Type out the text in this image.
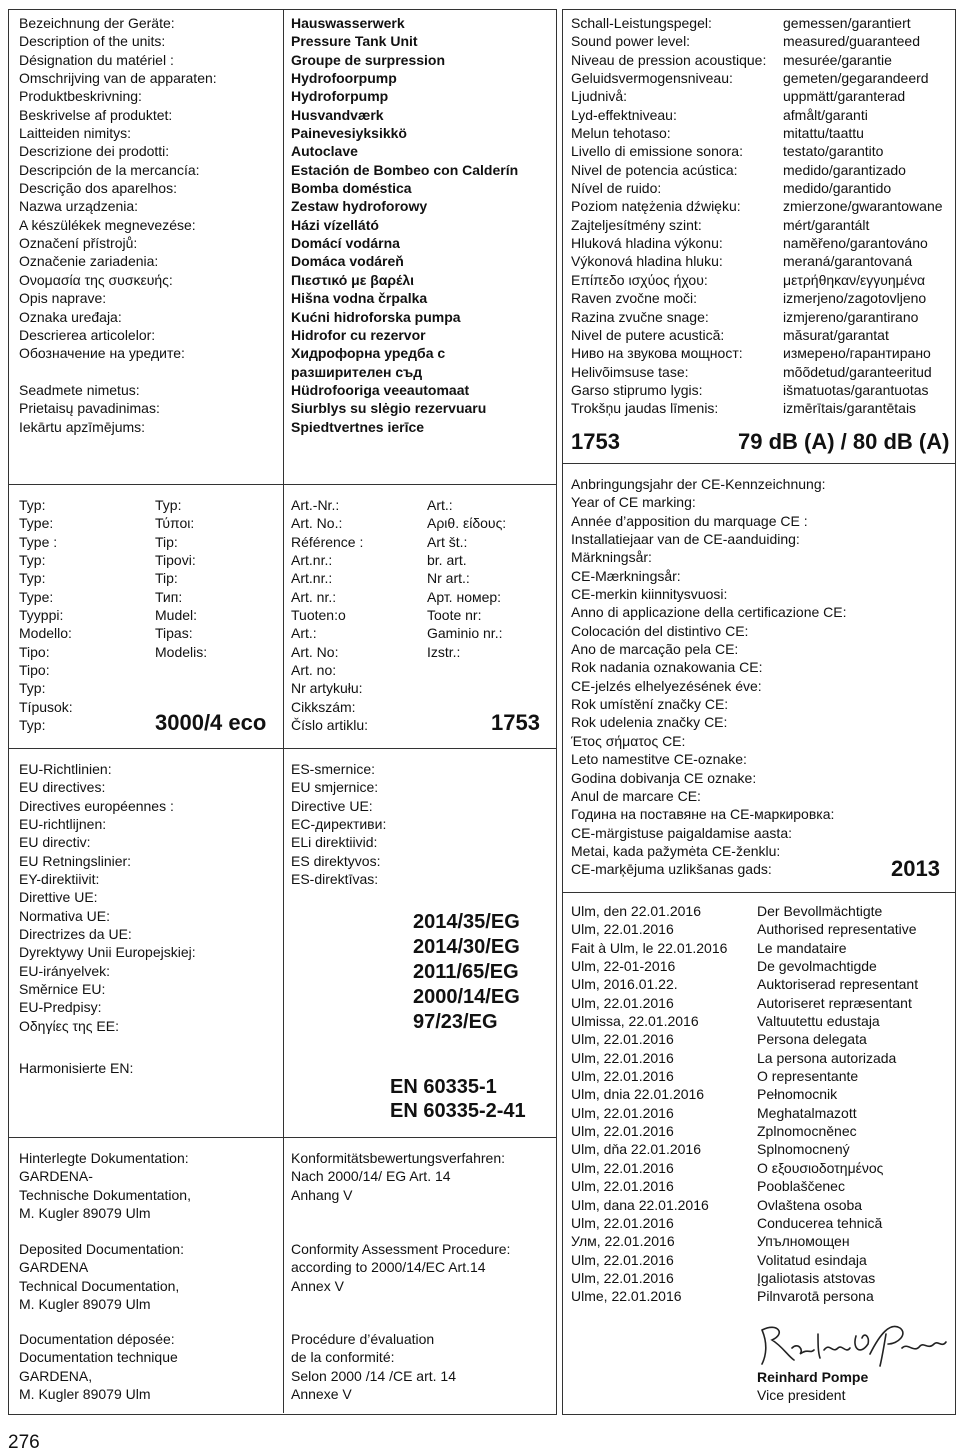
Bezeichnung der Geräte:
Description of the units:
Désignation du matériel :
Omschrijving van de apparaten:
Produktbeskrivning:
Beskrivelse af produktet:
Laitteiden nimitys:
Descrizione dei prodotti:
Descripción de la mercancía:
Descrição dos aparelhos:
Nazwa urządzenia:
A készülékek megnevezése:
Označení přístrojů:
Označenie zariadenia:
Ονομασία της συσκευής:
Opis naprave:
Oznaka uređaja:
Descrierea articolelor:
Обозначение на уредите:

Seadmete nimetus:
Prietaisų pavadinimas:
Iekārtu apzīmējums:
Hauswasserwerk
Pressure Tank Unit
Groupe de surpression
Hydrofoorpump
Hydroforpump
Husvandværk
Painevesiyksikkö
Autoclave
Estación de Bombeo con Calderín
Bomba doméstica
Zestaw hydroforowy
Házi vízellátó
Domácí vodárna
Domáca vodáreň
Πιεστικό με βαρέλι
Hišna vodna črpalka
Kućni hidroforska pumpa
Hidrofor cu rezervor
Хидрофорна уредба с
разширителен съд
Hüdrofooriga veeautomaat
Siurblys su slėgio rezervuaru
Spiedtvertnes ierīce
Typ:
Type:
Type :
Typ:
Typ:
Type:
Tyyppi:
Modello:
Tipo:
Tipo:
Typ:
Típusok:
Typ:
Typ:
Τύποι:
Tip:
Tipovi:
Tip:
Тип:
Mudel:
Tipas:
Modelis:
3000/4 eco
Art.-Nr.:
Art. No.:
Référence :
Art.nr.:
Art.nr.:
Art. nr.:
Tuoten:o
Art.:
Art. No:
Art. no:
Nr artykułu:
Cikkszám:
Číslo artiklu:
Art.:
Αριθ. είδους:
Art št.:
br. art.
Nr art.:
Арт. номер:
Toote nr:
Gaminio nr.:
Izstr.:
1753
EU-Richtlinien:
EU directives:
Directives européennes :
EU-richtlijnen:
EU directiv:
EU Retningslinier:
EY-direktiivit:
Direttive UE:
Normativa UE:
Directrizes da UE:
Dyrektywy Unii Europejskiej:
EU-irányelvek:
Směrnice EU:
EU-Predpisy:
Οδηγίες της ΕΕ:
ES-smernice:
EU smjernice:
Directive UE:
ЕС-директиви:
ELi direktiivid:
ES direktyvos:
ES-direktīvas:
2014/35/EG
2014/30/EG
2011/65/EG
2000/14/EG
97/23/EG
Harmonisierte EN:
EN 60335-1
EN 60335-2-41
Hinterlegte Dokumentation:
GARDENA-
Technische Dokumentation,
M. Kugler 89079 Ulm
Konformitätsbewertungsverfahren:
Nach 2000/14/ EG Art. 14
Anhang V
Deposited Documentation:
GARDENA
Technical Documentation,
M. Kugler 89079 Ulm
Conformity Assessment Procedure:
according to 2000/14/EC Art.14
Annex V
Documentation déposée:
Documentation technique
GARDENA,
M. Kugler 89079 Ulm
Procédure d’évaluation
de la conformité:
Selon 2000 /14 /CE art. 14
Annexe V
Schall-Leistungspegel:
Sound power level:
Niveau de pression acoustique:
Geluidsvermogensniveau:
Ljudnivå:
Lyd-effektniveau:
Melun tehotaso:
Livello di emissione sonora:
Nivel de potencia acústica:
Nível de ruido:
Poziom natężenia dźwięku:
Zajteljesítmény szint:
Hluková hladina výkonu:
Výkonová hladina hluku:
Επίπεδο ισχύος ήχου:
Raven zvočne moči:
Razina zvučne snage:
Nivel de putere acustică:
Ниво на звукова мощност:
Helivõimsuse tase:
Garso stiprumo lygis:
Trokšņu jaudas līmenis:
gemessen/garantiert
measured/guaranteed
mesurée/garantie
gemeten/gegarandeerd
uppmätt/garanterad
afmålt/garanti
mitattu/taattu
testato/garantito
medido/garantizado
medido/garantido
zmierzone/gwarantowane
mért/garantált
naměřeno/garantováno
meraná/garantovaná
μετρήθηκαν/εγγυημένα
izmerjeno/zagotovljeno
izmjereno/garantirano
măsurat/garantat
измерено/гарантирано
mõõdetud/garanteeritud
išmatuotas/garantuotas
izmērītais/garantētais
1753	79 dB (A) / 80 dB (A)
Anbringungsjahr der CE-Kennzeichnung:
Year of CE marking:
Année d’apposition du marquage CE :
Installatiejaar van de CE-aanduiding:
Märkningsår:
CE-Mærkningsår:
CE-merkin kiinnitysvuosi:
Anno di applicazione della certificazione CE:
Colocación del distintivo CE:
Ano de marcação pela CE:
Rok nadania oznakowania CE:
CE-jelzés elhelyezésének éve:
Rok umístění značky CE:
Rok udelenia značky CE:
Έτος σήματος CE:
Leto namestitve CE-oznake:
Godina dobivanja CE oznake:
Anul de marcare CE:
Година на поставяне на CE-маркировка:
CE-märgistuse paigaldamise aasta:
Metai, kada pažymėta CE-ženklu:
CE-marķējuma uzlikšanas gads:	2013
Ulm, den 22.01.2016
Ulm, 22.01.2016
Fait à Ulm, le 22.01.2016
Ulm, 22-01-2016
Ulm, 2016.01.22.
Ulm, 22.01.2016
Ulmissa, 22.01.2016
Ulm, 22.01.2016
Ulm, 22.01.2016
Ulm, 22.01.2016
Ulm, dnia 22.01.2016
Ulm, 22.01.2016
Ulm, 22.01.2016
Ulm, dňa 22.01.2016
Ulm, 22.01.2016
Ulm, 22.01.2016
Ulm, dana 22.01.2016
Ulm, 22.01.2016
Улм, 22.01.2016
Ulm, 22.01.2016
Ulm, 22.01.2016
Ulme, 22.01.2016
Der Bevollmächtigte
Authorised representative
Le mandataire
De gevolmachtigde
Auktoriserad representant
Autoriseret repræsentant
Valtuutettu edustaja
Persona delegata
La persona autorizada
O representante
Pełnomocnik
Meghatalmazott
Zplnomocněnec
Splnomocnený
Ο εξουσιοδοτημένος
Pooblaščenec
Ovlaštena osoba
Conducerea tehnică
Упълномощен
Volitatud esindaja
Įgaliotasis atstovas
Pilnvarotā persona
Reinhard Pompe
Vice president
276
